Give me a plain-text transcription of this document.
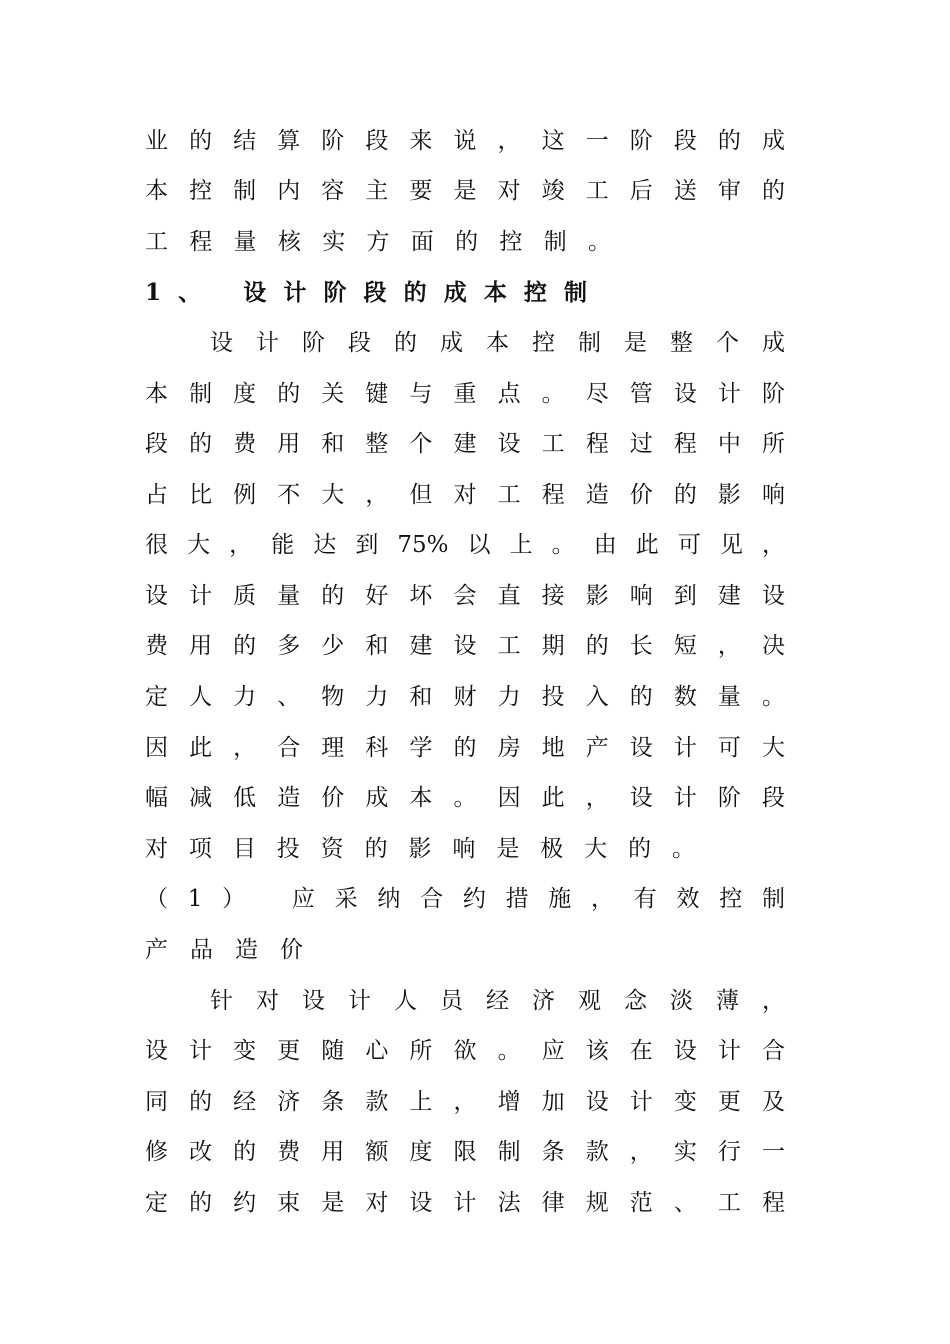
业的结算阶段来说，这一阶段的成
本控制内容主要是对竣工后送审的
工程量核实方面的控制。
1、 设计阶段的成本控制
设计阶段的成本控制是整个成
本制度的关键与重点。尽管设计阶
段的费用和整个建设工程过程中所
占比例不大，但对工程造价的影响
很大，能达到75%以上。由此可见，
设计质量的好坏会直接影响到建设
费用的多少和建设工期的长短，决
定人力、物力和财力投入的数量。
因此，合理科学的房地产设计可大
幅减低造价成本。因此，设计阶段
对项目投资的影响是极大的。
（1） 应采纳合约措施，有效控制
产品造价
针对设计人员经济观念淡薄，
设计变更随心所欲。应该在设计合
同的经济条款上，增加设计变更及
修改的费用额度限制条款，实行一
定的约束是对设计法律规范、工程
